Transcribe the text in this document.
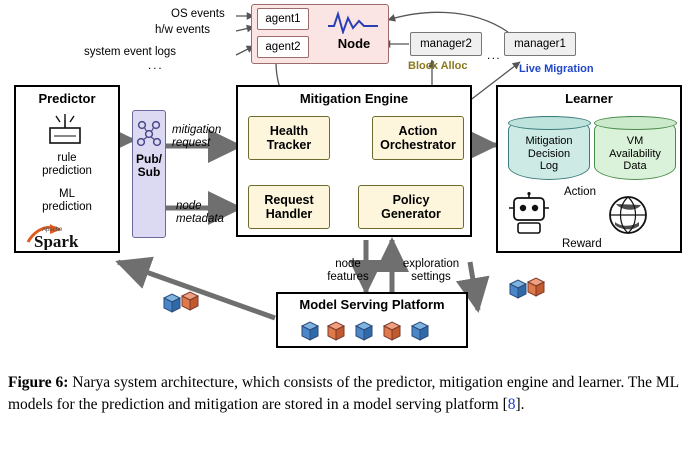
OS events
h/w events
system event logs
...
agent1
agent2	Node	manager2	manager1
...
Block Alloc	Live Migration
Predictor
rule
prediction
ML
prediction
Spark
Apache
Pub/
Sub
mitigation
request
node
metadata
Mitigation Engine
Health
Tracker
Action
Orchestrator
Request
Handler
Policy
Generator
Learner
Mitigation
Decision
Log
VM
Availability
Data
Action
Reward
node
features
exploration
settings
Model Serving Platform
Figure 6: Narya system architecture, which consists of the predictor, mitigation engine and learner. The ML models for the prediction and mitigation are stored in a model serving platform [8].
